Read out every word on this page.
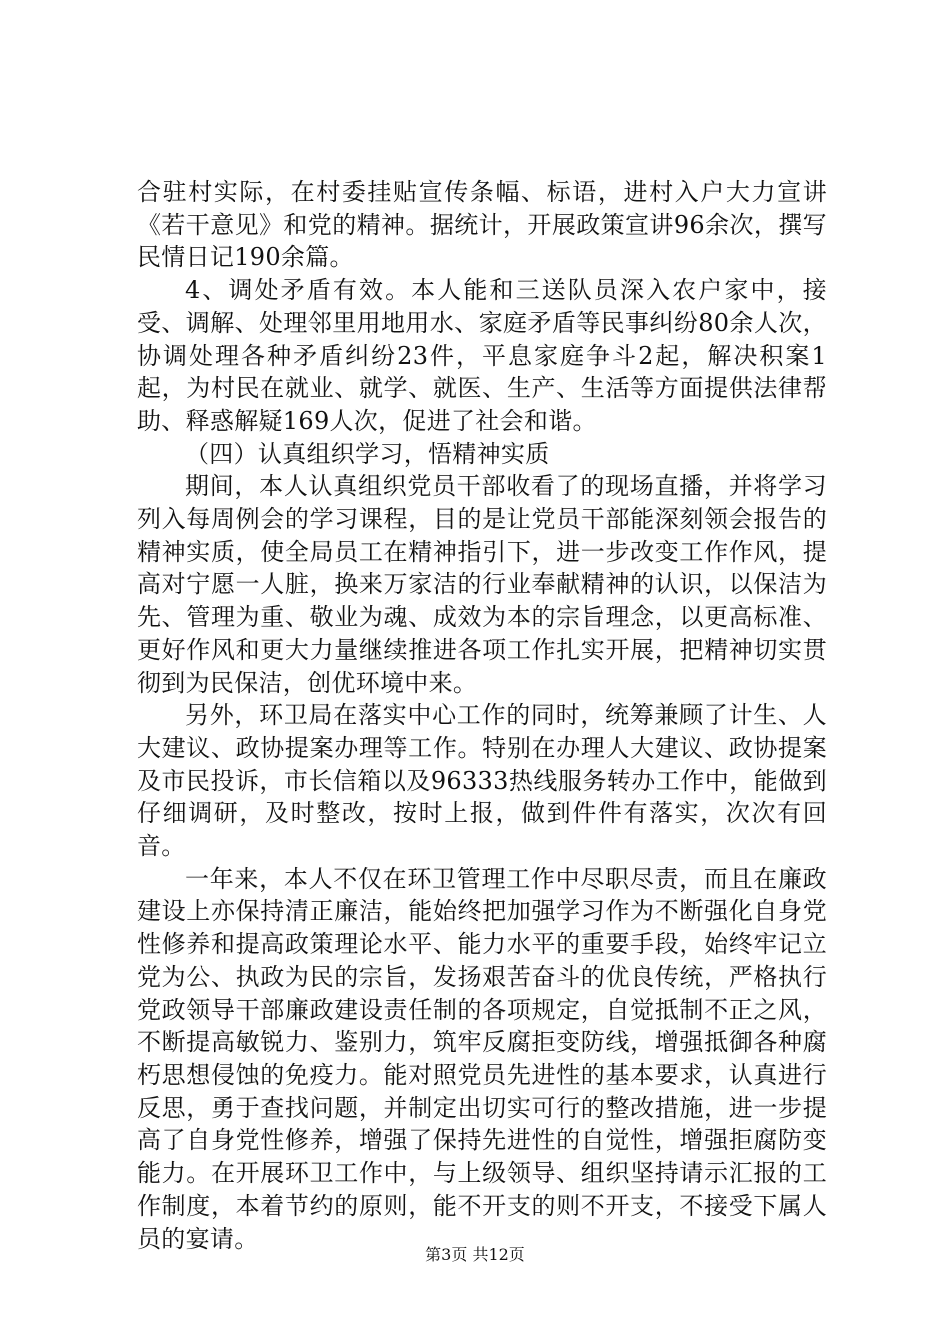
合驻村实际，在村委挂贴宣传条幅、标语，进村入户大力宣讲《若干意见》和党的精神。据统计，开展政策宣讲96余次，撰写民情日记190余篇。

4、调处矛盾有效。本人能和三送队员深入农户家中，接受、调解、处理邻里用地用水、家庭矛盾等民事纠纷80余人次，协调处理各种矛盾纠纷23件，平息家庭争斗2起，解决积案1起，为村民在就业、就学、就医、生产、生活等方面提供法律帮助、释惑解疑169人次，促进了社会和谐。

（四）认真组织学习，悟精神实质

期间，本人认真组织党员干部收看了的现场直播，并将学习列入每周例会的学习课程，目的是让党员干部能深刻领会报告的精神实质，使全局员工在精神指引下，进一步改变工作作风，提高对宁愿一人脏，换来万家洁的行业奉献精神的认识，以保洁为先、管理为重、敬业为魂、成效为本的宗旨理念，以更高标准、更好作风和更大力量继续推进各项工作扎实开展，把精神切实贯彻到为民保洁，创优环境中来。

另外，环卫局在落实中心工作的同时，统筹兼顾了计生、人大建议、政协提案办理等工作。特别在办理人大建议、政协提案及市民投诉，市长信箱以及96333热线服务转办工作中，能做到仔细调研，及时整改，按时上报，做到件件有落实，次次有回音。

一年来，本人不仅在环卫管理工作中尽职尽责，而且在廉政建设上亦保持清正廉洁，能始终把加强学习作为不断强化自身党性修养和提高政策理论水平、能力水平的重要手段，始终牢记立党为公、执政为民的宗旨，发扬艰苦奋斗的优良传统，严格执行党政领导干部廉政建设责任制的各项规定，自觉抵制不正之风，不断提高敏锐力、鉴别力，筑牢反腐拒变防线，增强抵御各种腐朽思想侵蚀的免疫力。能对照党员先进性的基本要求，认真进行反思，勇于查找问题，并制定出切实可行的整改措施，进一步提高了自身党性修养，增强了保持先进性的自觉性，增强拒腐防变能力。在开展环卫工作中，与上级领导、组织坚持请示汇报的工作制度，本着节约的原则，能不开支的则不开支，不接受下属人员的宴请。

第3页 共12页
